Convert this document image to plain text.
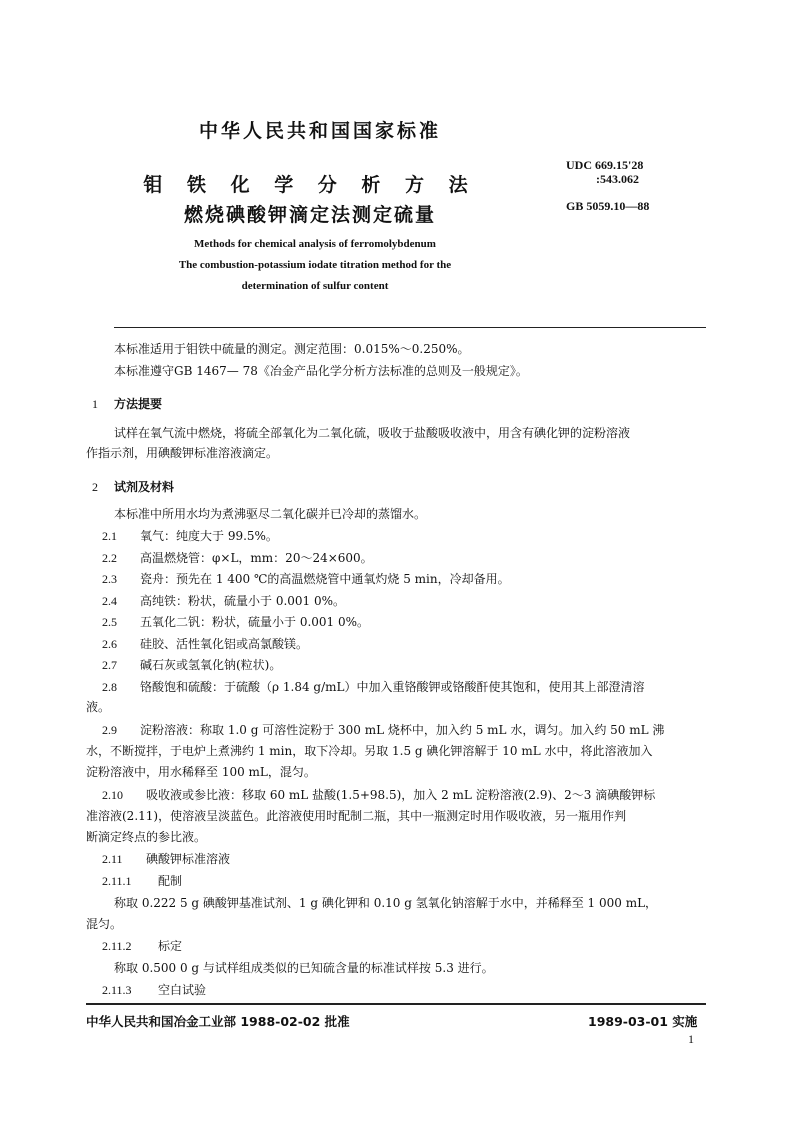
中华人民共和国国家标准
钼 铁 化 学 分 析 方 法
燃烧碘酸钾滴定法测定硫量
UDC 669.15'28
:543.062
GB 5059.10—88
Methods for chemical analysis of ferromolybdenum
The combustion-potassium iodate titration method for the
determination of sulfur content
本标准适用于钼铁中硫量的测定。测定范围：0.015%～0.250%。
本标准遵守GB 1467— 78《冶金产品化学分析方法标准的总则及一般规定》。
1 方法提要
试样在氧气流中燃烧，将硫全部氧化为二氧化硫，吸收于盐酸吸收液中，用含有碘化钾的淀粉溶液
作指示剂，用碘酸钾标准溶液滴定。
2 试剂及材料
本标准中所用水均为煮沸驱尽二氧化碳并已冷却的蒸馏水。
2.1 氧气：纯度大于 99.5%。
2.2 高温燃烧管：φ×L，mm：20～24×600。
2.3 瓷舟：预先在 1 400 ℃的高温燃烧管中通氧灼烧 5 min，冷却备用。
2.4 高纯铁：粉状，硫量小于 0.001 0%。
2.5 五氧化二钒：粉状，硫量小于 0.001 0%。
2.6 硅胶、活性氧化铝或高氯酸镁。
2.7 碱石灰或氢氧化钠(粒状)。
2.8 铬酸饱和硫酸：于硫酸（ρ 1.84 g/mL）中加入重铬酸钾或铬酸酐使其饱和，使用其上部澄清溶
液。
2.9 淀粉溶液：称取 1.0 g 可溶性淀粉于 300 mL 烧杯中，加入约 5 mL 水，调匀。加入约 50 mL 沸
水，不断搅拌，于电炉上煮沸约 1 min，取下冷却。另取 1.5 g 碘化钾溶解于 10 mL 水中，将此溶液加入
淀粉溶液中，用水稀释至 100 mL，混匀。
2.10 吸收液或参比液：移取 60 mL 盐酸(1.5+98.5)，加入 2 mL 淀粉溶液(2.9)、2～3 滴碘酸钾标
准溶液(2.11)，使溶液呈淡蓝色。此溶液使用时配制二瓶，其中一瓶测定时用作吸收液，另一瓶用作判
断滴定终点的参比液。
2.11 碘酸钾标准溶液
2.11.1 配制
称取 0.222 5 g 碘酸钾基准试剂、1 g 碘化钾和 0.10 g 氢氧化钠溶解于水中，并稀释至 1 000 mL，
混匀。
2.11.2 标定
称取 0.500 0 g 与试样组成类似的已知硫含量的标准试样按 5.3 进行。
2.11.3 空白试验
中华人民共和国冶金工业部 1988-02-02 批准	1989-03-01 实施
1
